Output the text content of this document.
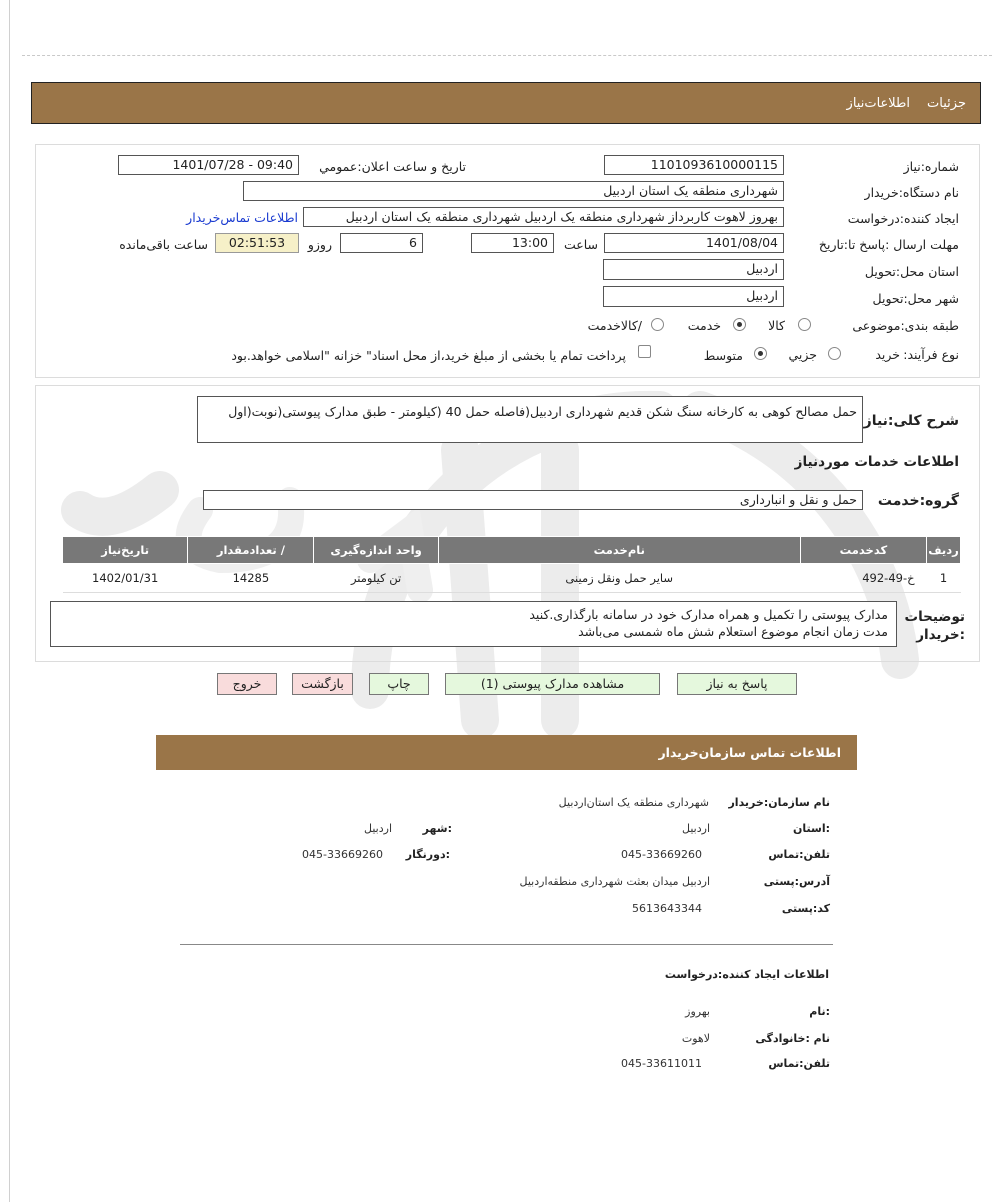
جزئیات
اطلاعات‌نیاز
شماره:نیاز
1101093610000115
تاریخ و ساعت اعلان:عمومي
1401/07/28 - 09:40
نام دستگاه:خریدار
شهرداری منطقه یک استان اردبیل
ایجاد کننده:درخواست
بهروز لاهوت کاربرداز شهرداری منطقه یک اردبیل شهرداری منطقه یک استان اردبیل
اطلاعات تماس‌خریدار
مهلت ارسال :پاسخ تا:تاریخ
1401/08/04
ساعت
13:00
6
روزو
02:51:53
ساعت باقی‌مانده
استان محل:تحویل
اردبیل
شهر محل:تحویل
اردبیل
طبقه بندی:موضوعی
کالا
خدمت
/کالاخدمت
نوع فرآیند:
خرید
جزیي
متوسط
پرداخت تمام یا بخشی از مبلغ خرید،از محل اسناد" خزانه "اسلامی خواهد.بود
شرح کلی:نیاز
حمل مصالح کوهی به کارخانه سنگ شکن قدیم شهرداری اردبیل(فاصله حمل 40 (کیلومتر - طبق مدارک پیوستی(نوبت(اول
اطلاعات خدمات موردنیاز
گروه:خدمت
حمل و نقل و انبارداری
ردیف	کدخدمت	نام‌خدمت	واحد اندازه‌گیری	/ تعدادمقدار	تاریخ‌نیاز
1	خ-49-492	سایر حمل ونقل زمینی	تن کیلومتر	14285	1402/01/31
توضیحات
:خریدار
مدارک پیوستی را تکمیل و همراه مدارک خود در سامانه بارگذاری.کنید
مدت زمان انجام موضوع استعلام شش ماه شمسی می‌باشد
پاسخ به نیاز
مشاهده مدارک پیوستی (1)
چاپ
بازگشت
خروج
اطلاعات تماس سازمان‌خریدار
نام سازمان:خریدار
شهرداری منطقه یک استان‌اردبیل
:استان
اردبیل
:شهر
اردبیل
تلفن:تماس
045-33669260
:دورنگار
045-33669260
آدرس:پستی
اردبیل میدان بعثت شهرداری منطقه‌اردبیل
کد:پستی
5613643344
اطلاعات ایجاد کننده:درخواست
:نام
بهروز
نام :خانوادگی
لاهوت
تلفن:تماس
045-33611011
